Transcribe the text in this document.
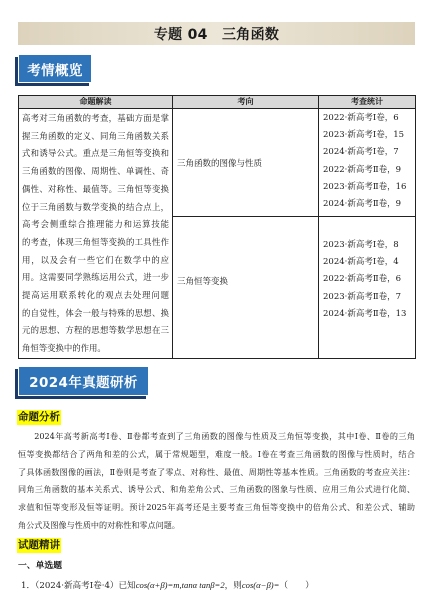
专题 04　三角函数
考情概览
命题解读	考向	考查统计
高考对三角函数的考查，基础方面是掌
握三角函数的定义、同角三角函数关系
式和诱导公式。重点是三角恒等变换和
三角函数的图像、周期性、单调性、奇
偶性、对称性、最值等。三角恒等变换
位于三角函数与数学变换的结合点上，
高考会侧重综合推理能力和运算技能
的考查，体现三角恒等变换的工具性作
用，以及会有一些它们在数学中的应
用。这需要同学熟练运用公式，进一步
提高运用联系转化的观点去处理问题
的自觉性，体会一般与特殊的思想、换
元的思想、方程的思想等数学思想在三
角恒等变换中的作用。
三角函数的图像与性质
2022·新高考Ⅰ卷，6
2023·新高考Ⅰ卷，15
2024·新高考Ⅰ卷，7
2022·新高考Ⅱ卷，9
2023·新高考Ⅱ卷，16
2024·新高考Ⅱ卷，9
三角恒等变换
2023·新高考Ⅰ卷，8
2024·新高考Ⅰ卷，4
2022·新高考Ⅱ卷，6
2023·新高考Ⅱ卷，7
2024·新高考Ⅱ卷，13
2024年真题研析
命题分析
2024年高考新高考Ⅰ卷、Ⅱ卷都考查到了三角函数的图像与性质及三角恒等变换，其中Ⅰ卷、Ⅱ卷的三角
恒等变换都结合了两角和差的公式，属于常规题型，难度一般。Ⅰ卷在考查三角函数的图像与性质时，结合
了具体函数图像的画法，Ⅱ卷则是考查了零点、对称性、最值、周期性等基本性质。三角函数的考查应关注：
同角三角函数的基本关系式、诱导公式、和角差角公式、三角函数的图象与性质、应用三角公式进行化简、
求值和恒等变形及恒等证明。预计2025年高考还是主要考查三角恒等变换中的倍角公式、和差公式、辅助
角公式及图像与性质中的对称性和零点问题。
试题精讲
一、单选题
1．（2024·新高考Ⅰ卷·4）已知cos(α+β)=m,tanα tanβ=2，则cos(α−β)=（　　）
